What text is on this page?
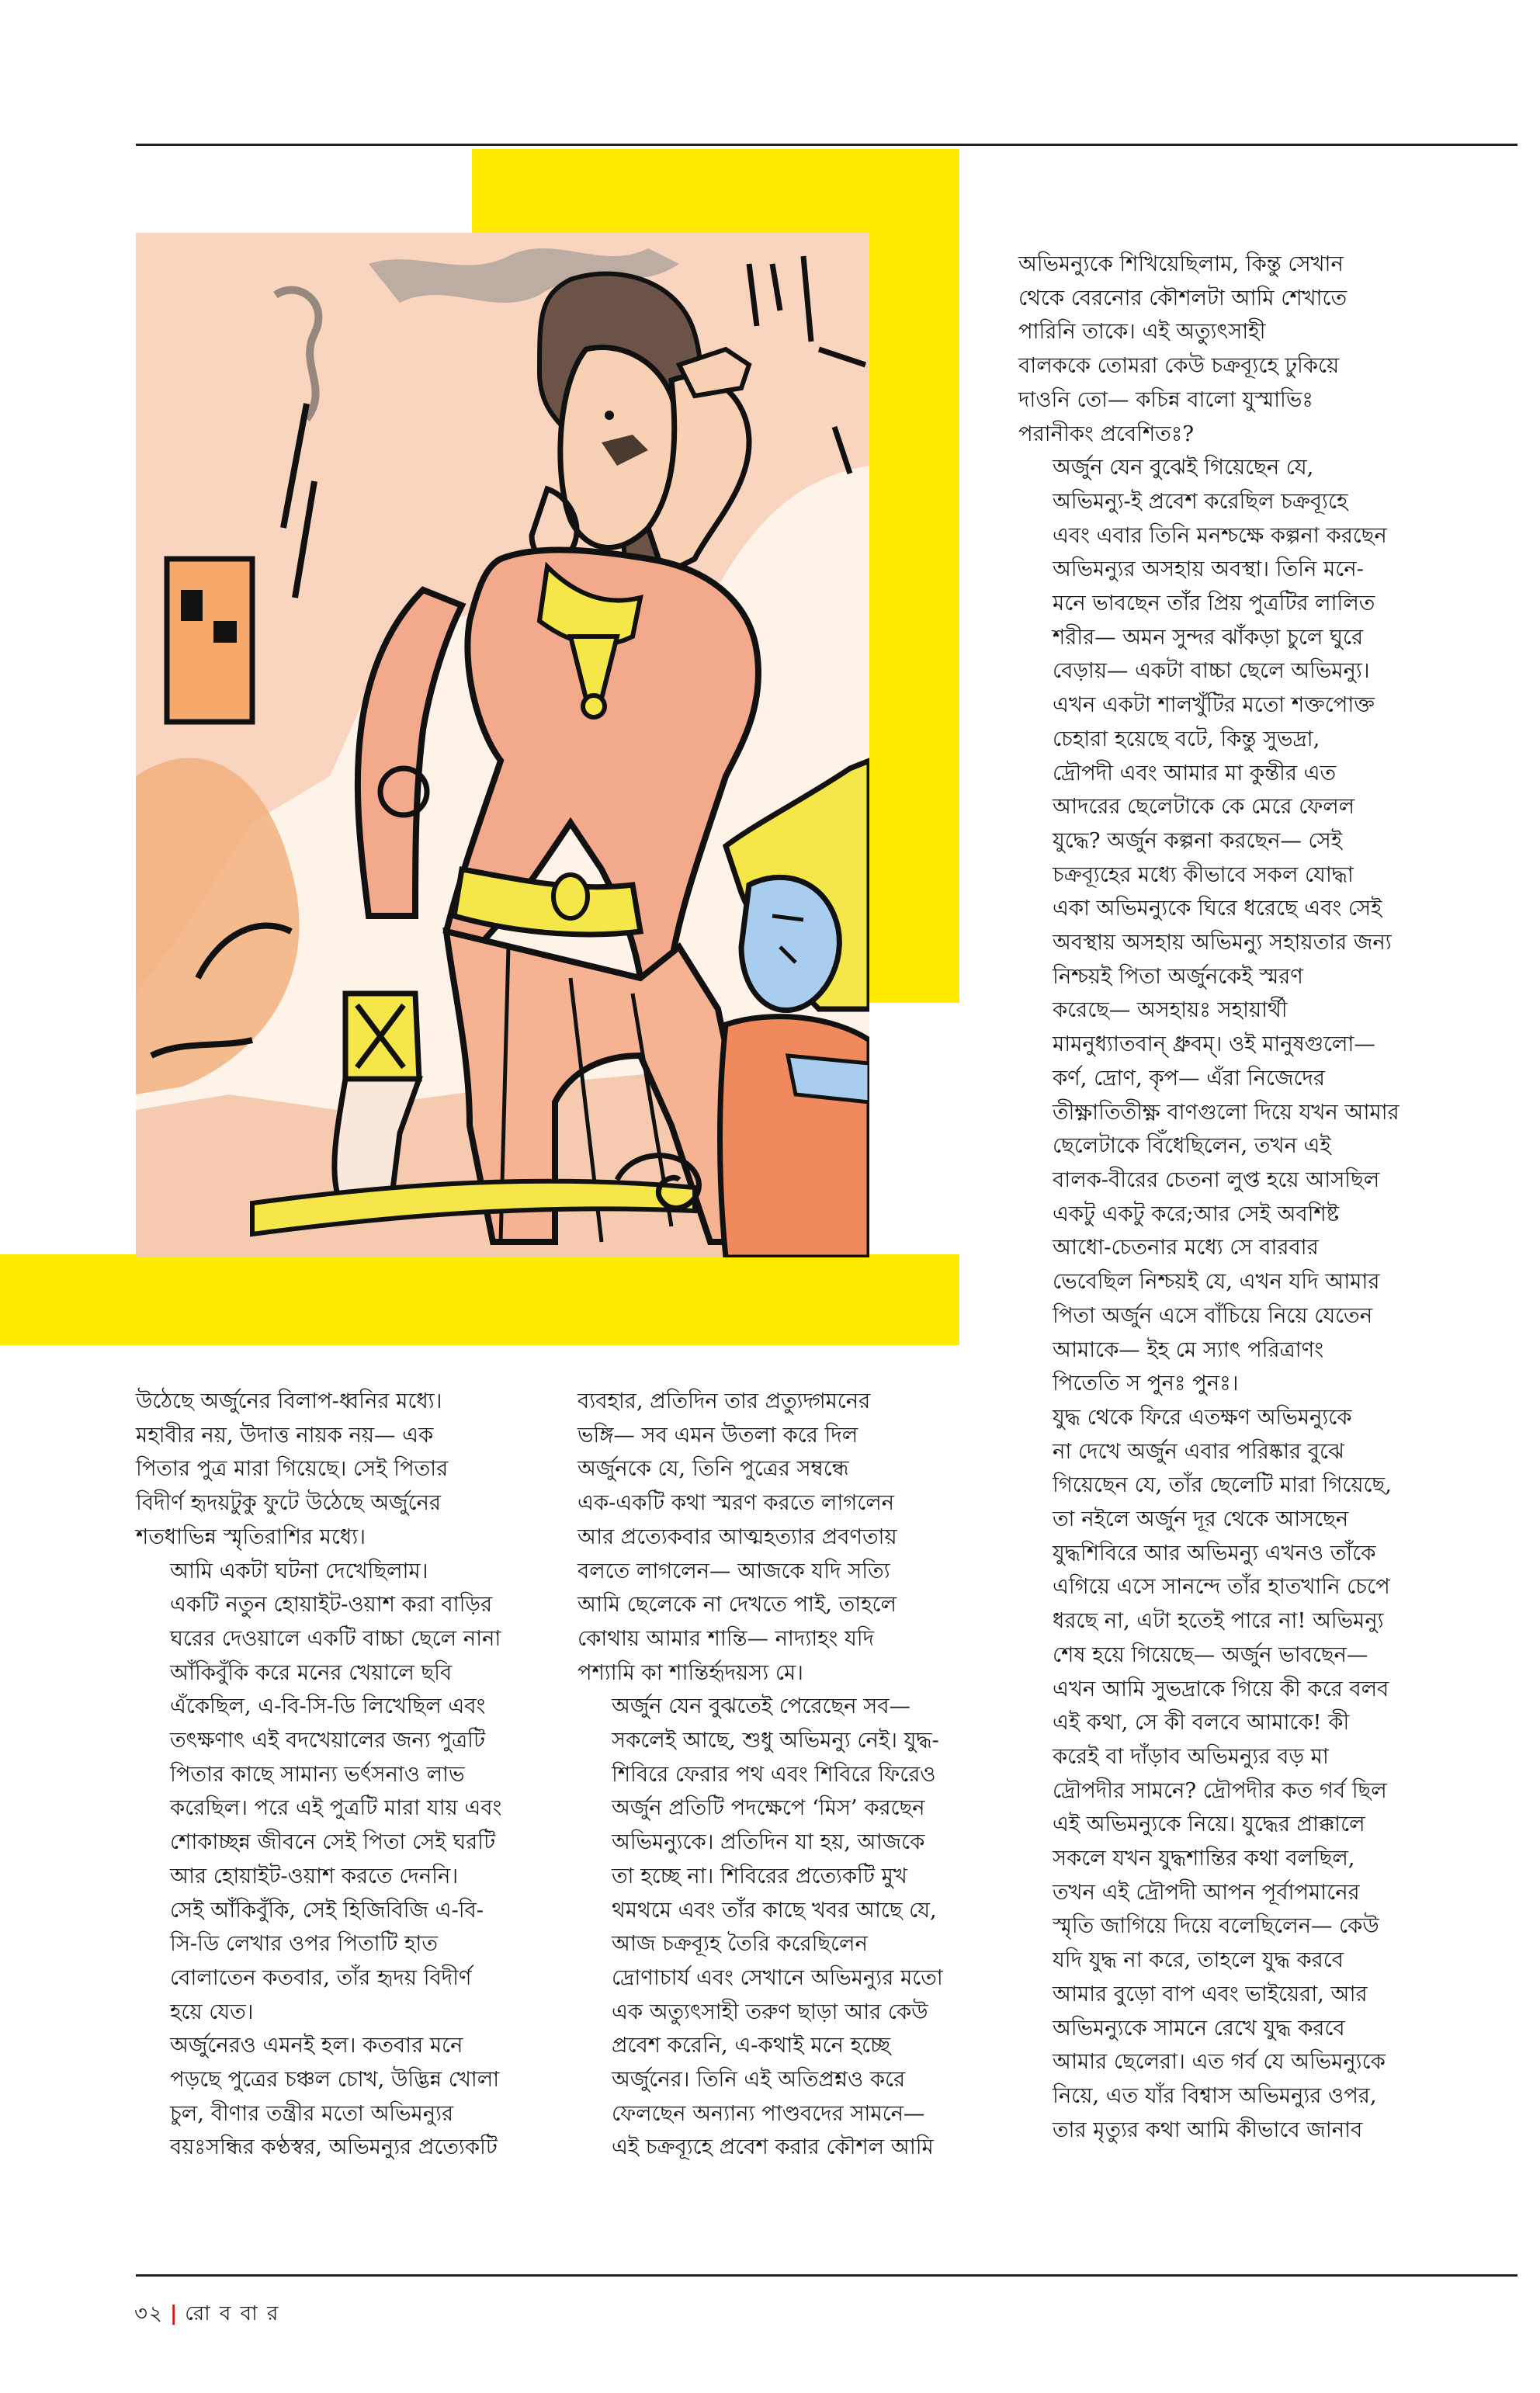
অভিমন্যুকে শিখিয়েছিলাম, কিন্তু সেখান
থেকে বেরনোর কৌশলটা আমি শেখাতে
পারিনি তাকে। এই অত্যুৎসাহী
বালককে তোমরা কেউ চক্রব্যূহে ঢুকিয়ে
দাওনি তো— কচিন্ন বালো যুস্মাভিঃ
পরানীকং প্রবেশিতঃ?

অর্জুন যেন বুঝেই গিয়েছেন যে,
অভিমন্যু-ই প্রবেশ করেছিল চক্রব্যূহে
এবং এবার তিনি মনশ্চক্ষে কল্পনা করছেন
অভিমন্যুর অসহায় অবস্থা। তিনি মনে-
মনে ভাবছেন তাঁর প্রিয় পুত্রটির লালিত
শরীর— অমন সুন্দর ঝাঁকড়া চুলে ঘুরে
বেড়ায়— একটা বাচ্চা ছেলে অভিমন্যু।
এখন একটা শালখুঁটির মতো শক্তপোক্ত
চেহারা হয়েছে বটে, কিন্তু সুভদ্রা,
দ্রৌপদী এবং আমার মা কুন্তীর এত
আদরের ছেলেটাকে কে মেরে ফেলল
যুদ্ধে? অর্জুন কল্পনা করছেন— সেই
চক্রব্যূহের মধ্যে কীভাবে সকল যোদ্ধা
একা অভিমন্যুকে ঘিরে ধরেছে এবং সেই
অবস্থায় অসহায় অভিমন্যু সহায়তার জন্য
নিশ্চয়ই পিতা অর্জুনকেই স্মরণ
করেছে— অসহায়ঃ সহায়ার্থী
মামনুধ্যাতবান্ ধ্রুবম্। ওই মানুষগুলো—
কর্ণ, দ্রোণ, কৃপ— এঁরা নিজেদের
তীক্ষ্ণাতিতীক্ষ্ণ বাণগুলো দিয়ে যখন আমার
ছেলেটাকে বিঁধেছিলেন, তখন এই
বালক-বীরের চেতনা লুপ্ত হয়ে আসছিল
একটু একটু করে;আর সেই অবশিষ্ট
আধো-চেতনার মধ্যে সে বারবার
ভেবেছিল নিশ্চয়ই যে, এখন যদি আমার
পিতা অর্জুন এসে বাঁচিয়ে নিয়ে যেতেন
আমাকে— ইহ মে স্যাৎ পরিত্রাণং
পিতেতি স পুনঃ পুনঃ।

যুদ্ধ থেকে ফিরে এতক্ষণ অভিমন্যুকে
না দেখে অর্জুন এবার পরিষ্কার বুঝে
গিয়েছেন যে, তাঁর ছেলেটি মারা গিয়েছে,
তা নইলে অর্জুন দূর থেকে আসছেন
যুদ্ধশিবিরে আর অভিমন্যু এখনও তাঁকে
এগিয়ে এসে সানন্দে তাঁর হাতখানি চেপে
ধরছে না, এটা হতেই পারে না! অভিমন্যু
শেষ হয়ে গিয়েছে— অর্জুন ভাবছেন—
এখন আমি সুভদ্রাকে গিয়ে কী করে বলব
এই কথা, সে কী বলবে আমাকে! কী
করেই বা দাঁড়াব অভিমন্যুর বড় মা
দ্রৌপদীর সামনে? দ্রৌপদীর কত গর্ব ছিল
এই অভিমন্যুকে নিয়ে। যুদ্ধের প্রাক্কালে
সকলে যখন যুদ্ধশান্তির কথা বলছিল,
তখন এই দ্রৌপদী আপন পূর্বাপমানের
স্মৃতি জাগিয়ে দিয়ে বলেছিলেন— কেউ
যদি যুদ্ধ না করে, তাহলে যুদ্ধ করবে
আমার বুড়ো বাপ এবং ভাইয়েরা, আর
অভিমন্যুকে সামনে রেখে যুদ্ধ করবে
আমার ছেলেরা। এত গর্ব যে অভিমন্যুকে
নিয়ে, এত যাঁর বিশ্বাস অভিমন্যুর ওপর,
তার মৃত্যুর কথা আমি কীভাবে জানাব

উঠেছে অর্জুনের বিলাপ-ধ্বনির মধ্যে।
মহাবীর নয়, উদাত্ত নায়ক নয়— এক
পিতার পুত্র মারা গিয়েছে। সেই পিতার
বিদীর্ণ হৃদয়টুকু ফুটে উঠেছে অর্জুনের
শতধাভিন্ন স্মৃতিরাশির মধ্যে।

আমি একটা ঘটনা দেখেছিলাম।
একটি নতুন হোয়াইট-ওয়াশ করা বাড়ির
ঘরের দেওয়ালে একটি বাচ্চা ছেলে নানা
আঁকিবুঁকি করে মনের খেয়ালে ছবি
এঁকেছিল, এ-বি-সি-ডি লিখেছিল এবং
তৎক্ষণাৎ এই বদখেয়ালের জন্য পুত্রটি
পিতার কাছে সামান্য ভর্ৎসনাও লাভ
করেছিল। পরে এই পুত্রটি মারা যায় এবং
শোকাচ্ছন্ন জীবনে সেই পিতা সেই ঘরটি
আর হোয়াইট-ওয়াশ করতে দেননি।
সেই আঁকিবুঁকি, সেই হিজিবিজি এ-বি-
সি-ডি লেখার ওপর পিতাটি হাত
বোলাতেন কতবার, তাঁর হৃদয় বিদীর্ণ
হয়ে যেত।

অর্জুনেরও এমনই হল। কতবার মনে
পড়ছে পুত্রের চঞ্চল চোখ, উদ্ভিন্ন খোলা
চুল, বীণার তন্ত্রীর মতো অভিমন্যুর
বয়ঃসন্ধির কণ্ঠস্বর, অভিমন্যুর প্রত্যেকটি

ব্যবহার, প্রতিদিন তার প্রত্যুদ্গমনের
ভঙ্গি— সব এমন উতলা করে দিল
অর্জুনকে যে, তিনি পুত্রের সম্বন্ধে
এক-একটি কথা স্মরণ করতে লাগলেন
আর প্রত্যেকবার আত্মহত্যার প্রবণতায়
বলতে লাগলেন— আজকে যদি সত্যি
আমি ছেলেকে না দেখতে পাই, তাহলে
কোথায় আমার শান্তি— নাদ্যাহং যদি
পশ্যামি কা শান্তির্হৃদয়স্য মে।

অর্জুন যেন বুঝতেই পেরেছেন সব—
সকলেই আছে, শুধু অভিমন্যু নেই। যুদ্ধ-
শিবিরে ফেরার পথ এবং শিবিরে ফিরেও
অর্জুন প্রতিটি পদক্ষেপে ‘মিস’ করছেন
অভিমন্যুকে। প্রতিদিন যা হয়, আজকে
তা হচ্ছে না। শিবিরের প্রত্যেকটি মুখ
থমথমে এবং তাঁর কাছে খবর আছে যে,
আজ চক্রব্যূহ তৈরি করেছিলেন
দ্রোণাচার্য এবং সেখানে অভিমন্যুর মতো
এক অত্যুৎসাহী তরুণ ছাড়া আর কেউ
প্রবেশ করেনি, এ-কথাই মনে হচ্ছে
অর্জুনের। তিনি এই অতিপ্রশ্নও করে
ফেলছেন অন্যান্য পাণ্ডবদের সামনে—
এই চক্রব্যূহে প্রবেশ করার কৌশল আমি

৩২ | রো ব বা র
